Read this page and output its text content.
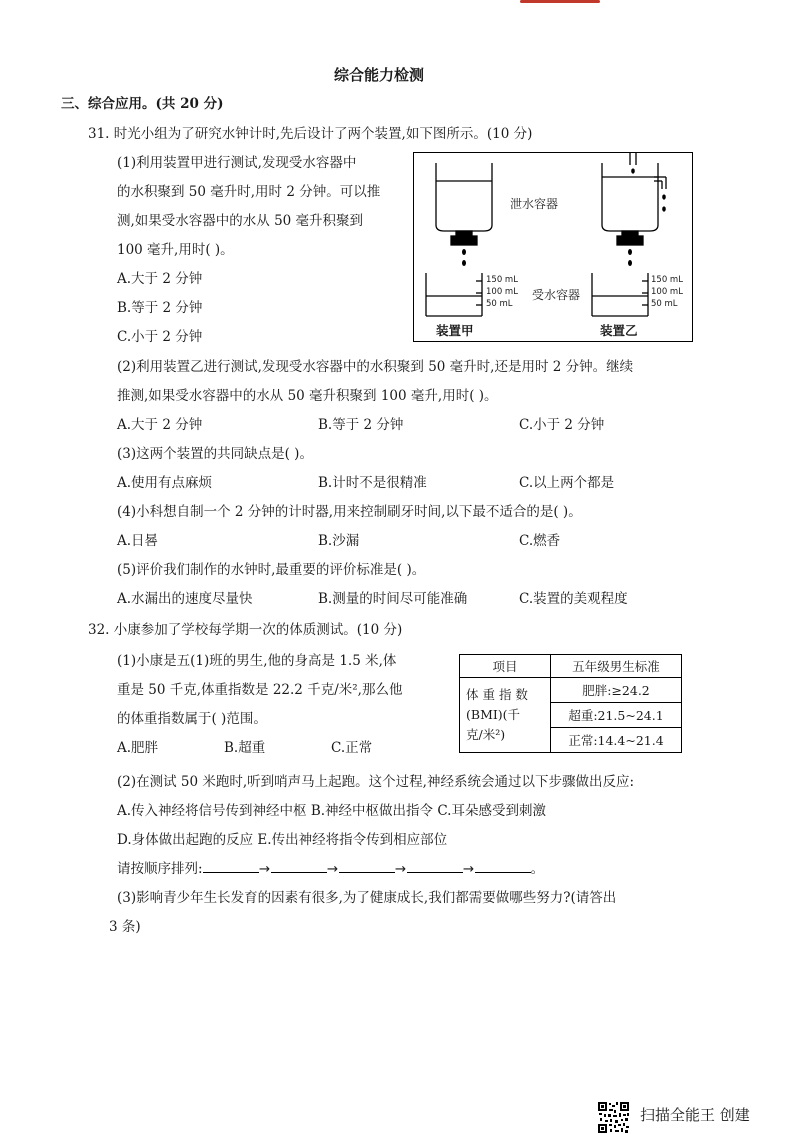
综合能力检测
三、综合应用。(共 20 分)
31. 时光小组为了研究水钟计时,先后设计了两个装置,如下图所示。(10 分)
(1)利用装置甲进行测试,发现受水容器中
的水积聚到 50 毫升时,用时 2 分钟。可以推
测,如果受水容器中的水从 50 毫升积聚到
100 毫升,用时( )。
A.大于 2 分钟
B.等于 2 分钟
C.小于 2 分钟
泄水容器
受水容器
150 mL
100 mL
50 mL
150 mL
100 mL
50 mL
装置甲	装置乙
(2)利用装置乙进行测试,发现受水容器中的水积聚到 50 毫升时,还是用时 2 分钟。继续
推测,如果受水容器中的水从 50 毫升积聚到 100 毫升,用时( )。
A.大于 2 分钟	B.等于 2 分钟	C.小于 2 分钟
(3)这两个装置的共同缺点是( )。
A.使用有点麻烦	B.计时不是很精准	C.以上两个都是
(4)小科想自制一个 2 分钟的计时器,用来控制刷牙时间,以下最不适合的是( )。
A.日晷	B.沙漏	C.燃香
(5)评价我们制作的水钟时,最重要的评价标准是( )。
A.水漏出的速度尽量快	B.测量的时间尽可能准确	C.装置的美观程度
32. 小康参加了学校每学期一次的体质测试。(10 分)
(1)小康是五(1)班的男生,他的身高是 1.5 米,体
重是 50 千克,体重指数是 22.2 千克/米²,那么他
的体重指数属于( )范围。
A.肥胖	B.超重	C.正常
项目	五年级男生标准
体 重 指 数
(BMI)(千
克/米²)	肥胖:≥24.2
	超重:21.5~24.1
	正常:14.4~21.4
(2)在测试 50 米跑时,听到哨声马上起跑。这个过程,神经系统会通过以下步骤做出反应:
A.传入神经将信号传到神经中枢 B.神经中枢做出指令 C.耳朵感受到刺激
D.身体做出起跑的反应 E.传出神经将指令传到相应部位
请按顺序排列:	→	→	→	→	。
(3)影响青少年生长发育的因素有很多,为了健康成长,我们都需要做哪些努力?(请答出
3 条)
扫描全能王 创建
